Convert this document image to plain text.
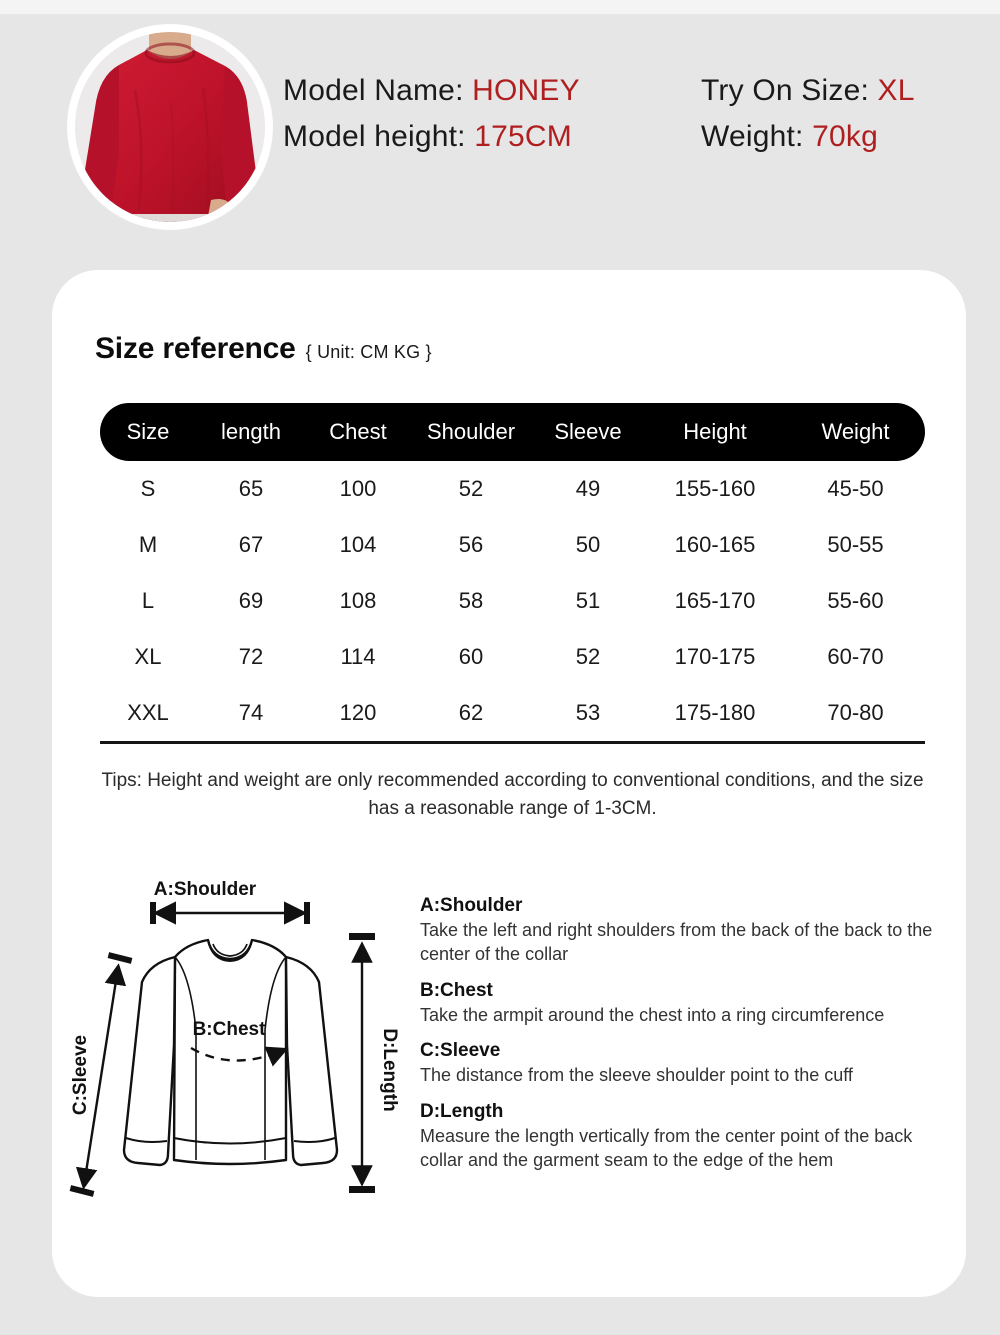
Model Name: HONEY	Try On Size: XL
Model height: 175CM	Weight: 70kg
Size reference { Unit: CM KG }
Size	length	Chest	Shoulder	Sleeve	Height	Weight
S	65	100	52	49	155-160	45-50
M	67	104	56	50	160-165	50-55
L	69	108	58	51	165-170	55-60
XL	72	114	60	52	170-175	60-70
XXL	74	120	62	53	175-180	70-80
Tips: Height and weight are only recommended according to conventional conditions, and the size has a reasonable range of 1-3CM.
A:Shoulder
B:Chest
C:Sleeve	D:Length
A:Shoulder
Take the left and right shoulders from the back of the back to the center of the collar
B:Chest
Take the armpit around the chest into a ring circumference
C:Sleeve
The distance from the sleeve shoulder point to the cuff
D:Length
Measure the length vertically from the center point of the back collar and the garment seam to the edge of the hem
